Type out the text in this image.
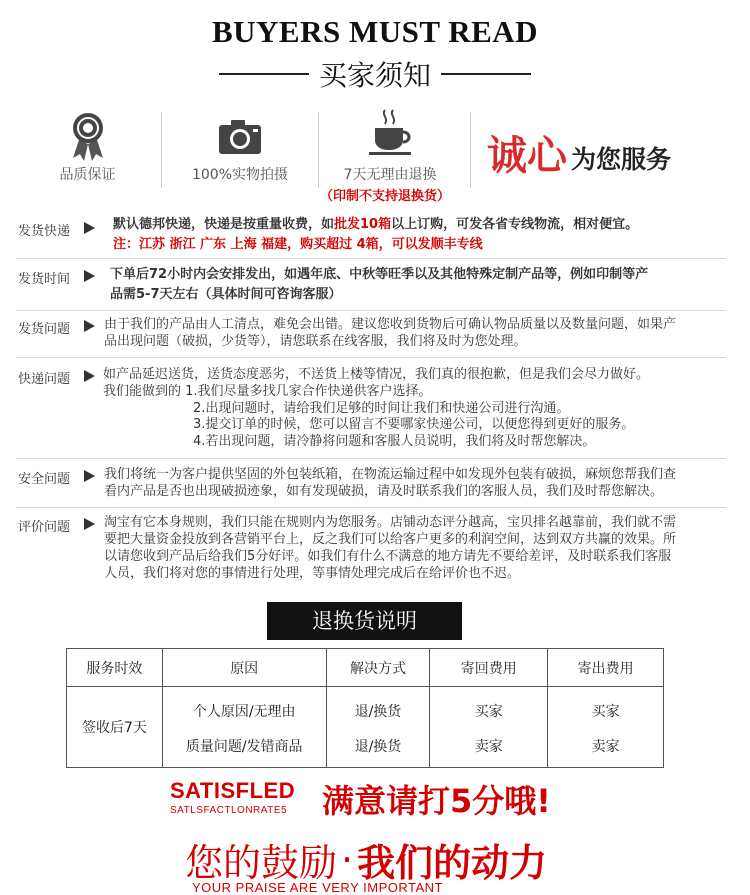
BUYERS MUST READ
买家须知
品质保证	100%实物拍摄	7天无理由退换
（印制不支持退换货）
诚心 为您服务
发货快递	默认德邦快递，快递是按重量收费，如批发10箱以上订购，可发各省专线物流，相对便宜。
注：江苏 浙江 广东 上海 福建，购买超过 4箱，可以发顺丰专线
发货时间	下单后72小时内会安排发出，如遇年底、中秋等旺季以及其他特殊定制产品等，例如印制等产
品需5-7天左右（具体时间可咨询客服）
发货问题	由于我们的产品由人工清点，难免会出错。建议您收到货物后可确认物品质量以及数量问题，如果产
品出现问题（破损，少货等），请您联系在线客服，我们将及时为您处理。
快递问题	如产品延迟送货，送货态度恶劣，不送货上楼等情况，我们真的很抱歉，但是我们会尽力做好。
我们能做到的 1.我们尽量多找几家合作快递供客户选择。
2.出现问题时，请给我们足够的时间让我们和快递公司进行沟通。
3.提交订单的时候，您可以留言不要哪家快递公司，以便您得到更好的服务。
4.若出现问题，请冷静将问题和客服人员说明，我们将及时帮您解决。
安全问题	我们将统一为客户提供坚固的外包装纸箱，在物流运输过程中如发现外包装有破损，麻烦您帮我们查
看内产品是否也出现破损迹象，如有发现破损，请及时联系我们的客服人员，我们及时帮您解决。
评价问题	淘宝有它本身规则，我们只能在规则内为您服务。店铺动态评分越高，宝贝排名越靠前，我们就不需
要把大量资金投放到各营销平台上，反之我们可以给客户更多的利润空间，达到双方共赢的效果。所
以请您收到产品后给我们5分好评。如我们有什么不满意的地方请先不要给差评，及时联系我们客服
人员，我们将对您的事情进行处理，等事情处理完成后在给评价也不迟。
退换货说明
服务时效	原因	解决方式	寄回费用	寄出费用
签收后7天	个人原因/无理由	退/换货	买家	买家
	质量问题/发错商品	退/换货	卖家	卖家
SATISFLED
SATLSFACTLONRATE5 满意请打5分哦!
您的鼓励 · 我们的动力
YOUR PRAISE ARE VERY IMPORTANT
